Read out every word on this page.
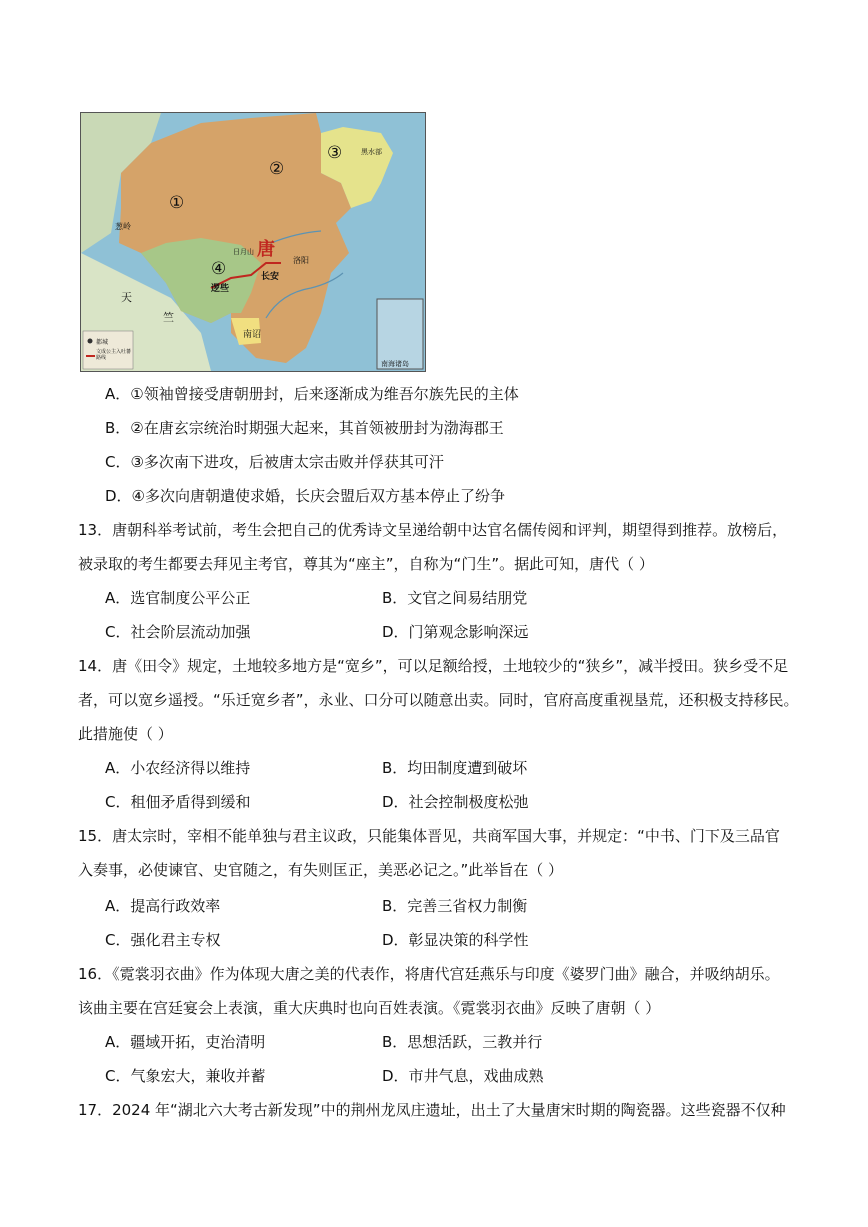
①
②
③
④
唐
长安
洛阳
日月山
逻些
南诏
天
竺
黑水部
葱岭
南海诸岛
都城
文成公主入吐蕃路线
A．①领袖曾接受唐朝册封，后来逐渐成为维吾尔族先民的主体
B．②在唐玄宗统治时期强大起来，其首领被册封为渤海郡王
C．③多次南下进攻，后被唐太宗击败并俘获其可汗
D．④多次向唐朝遣使求婚，长庆会盟后双方基本停止了纷争
13．唐朝科举考试前，考生会把自己的优秀诗文呈递给朝中达官名儒传阅和评判，期望得到推荐。放榜后，
被录取的考生都要去拜见主考官，尊其为“座主”，自称为“门生”。据此可知，唐代（ ）
A．选官制度公平公正	B．文官之间易结朋党
C．社会阶层流动加强	D．门第观念影响深远
14．唐《田令》规定，土地较多地方是“宽乡”，可以足额给授，土地较少的“狭乡”，减半授田。狭乡受不足
者，可以宽乡遥授。“乐迁宽乡者”，永业、口分可以随意出卖。同时，官府高度重视垦荒，还积极支持移民。
此措施使（ ）
A．小农经济得以维持	B．均田制度遭到破坏
C．租佃矛盾得到缓和	D．社会控制极度松弛
15．唐太宗时，宰相不能单独与君主议政，只能集体晋见，共商军国大事，并规定：“中书、门下及三品官
入奏事，必使谏官、史官随之，有失则匡正，美恶必记之。”此举旨在（ ）
A．提高行政效率	B．完善三省权力制衡
C．强化君主专权	D．彰显决策的科学性
16．《霓裳羽衣曲》作为体现大唐之美的代表作，将唐代宫廷燕乐与印度《婆罗门曲》融合，并吸纳胡乐。
该曲主要在宫廷宴会上表演，重大庆典时也向百姓表演。《霓裳羽衣曲》反映了唐朝（ ）
A．疆域开拓，吏治清明	B．思想活跃，三教并行
C．气象宏大，兼收并蓄	D．市井气息，戏曲成熟
17．2024 年“湖北六大考古新发现”中的荆州龙凤庄遗址，出土了大量唐宋时期的陶瓷器。这些瓷器不仅种
